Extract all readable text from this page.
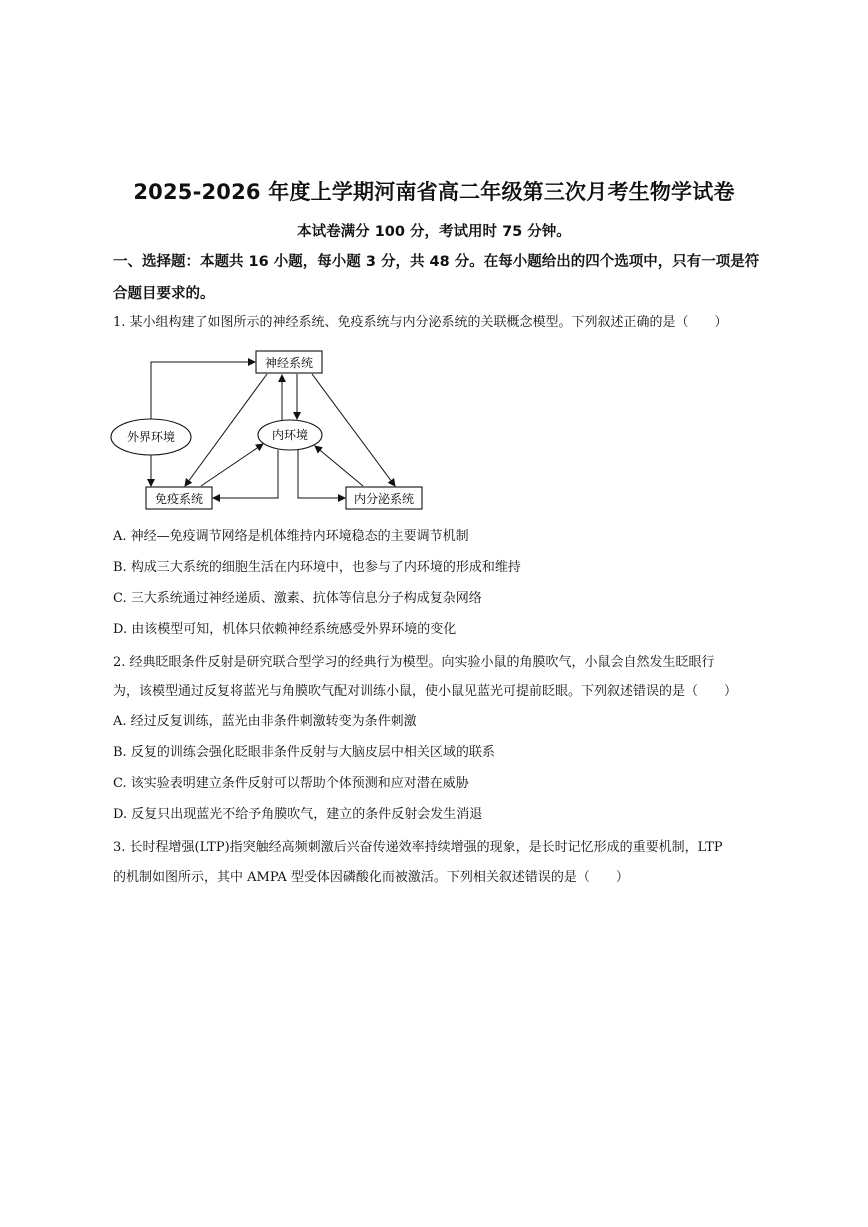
2025-2026 年度上学期河南省高二年级第三次月考生物学试卷
本试卷满分 100 分，考试用时 75 分钟。
一、选择题：本题共 16 小题，每小题 3 分，共 48 分。在每小题给出的四个选项中，只有一项是符合题目要求的。
1. 某小组构建了如图所示的神经系统、免疫系统与内分泌系统的关联概念模型。下列叙述正确的是（　　）
神经系统
外界环境	内环境
免疫系统	内分泌系统
A. 神经—免疫调节网络是机体维持内环境稳态的主要调节机制
B. 构成三大系统的细胞生活在内环境中，也参与了内环境的形成和维持
C. 三大系统通过神经递质、激素、抗体等信息分子构成复杂网络
D. 由该模型可知，机体只依赖神经系统感受外界环境的变化
2. 经典眨眼条件反射是研究联合型学习的经典行为模型。向实验小鼠的角膜吹气，小鼠会自然发生眨眼行
为，该模型通过反复将蓝光与角膜吹气配对训练小鼠，使小鼠见蓝光可提前眨眼。下列叙述错误的是（　　）
A. 经过反复训练，蓝光由非条件刺激转变为条件刺激
B. 反复的训练会强化眨眼非条件反射与大脑皮层中相关区域的联系
C. 该实验表明建立条件反射可以帮助个体预测和应对潜在威胁
D. 反复只出现蓝光不给予角膜吹气，建立的条件反射会发生消退
3. 长时程增强(LTP)指突触经高频刺激后兴奋传递效率持续增强的现象，是长时记忆形成的重要机制，LTP
的机制如图所示，其中 AMPA 型受体因磷酸化而被激活。下列相关叙述错误的是（　　）
